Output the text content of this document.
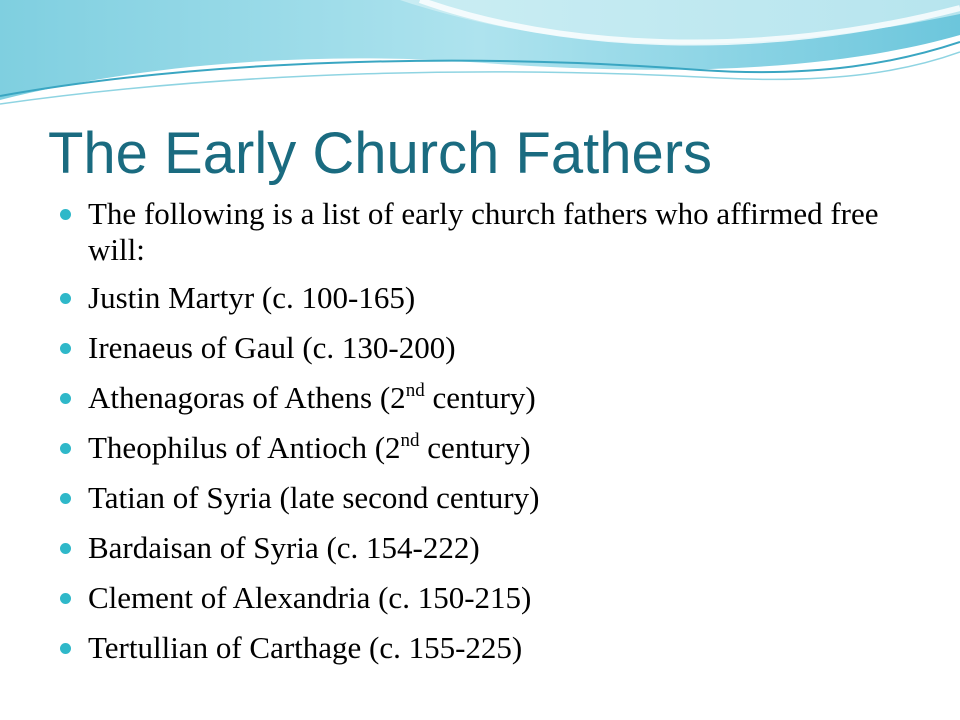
The Early Church Fathers
The following is a list of early church fathers who affirmed free will:
Justin Martyr (c. 100-165)
Irenaeus of Gaul (c. 130-200)
Athenagoras of Athens (2nd century)
Theophilus of Antioch (2nd century)
Tatian of Syria (late second century)
Bardaisan of Syria (c. 154-222)
Clement of Alexandria (c. 150-215)
Tertullian of Carthage (c. 155-225)
